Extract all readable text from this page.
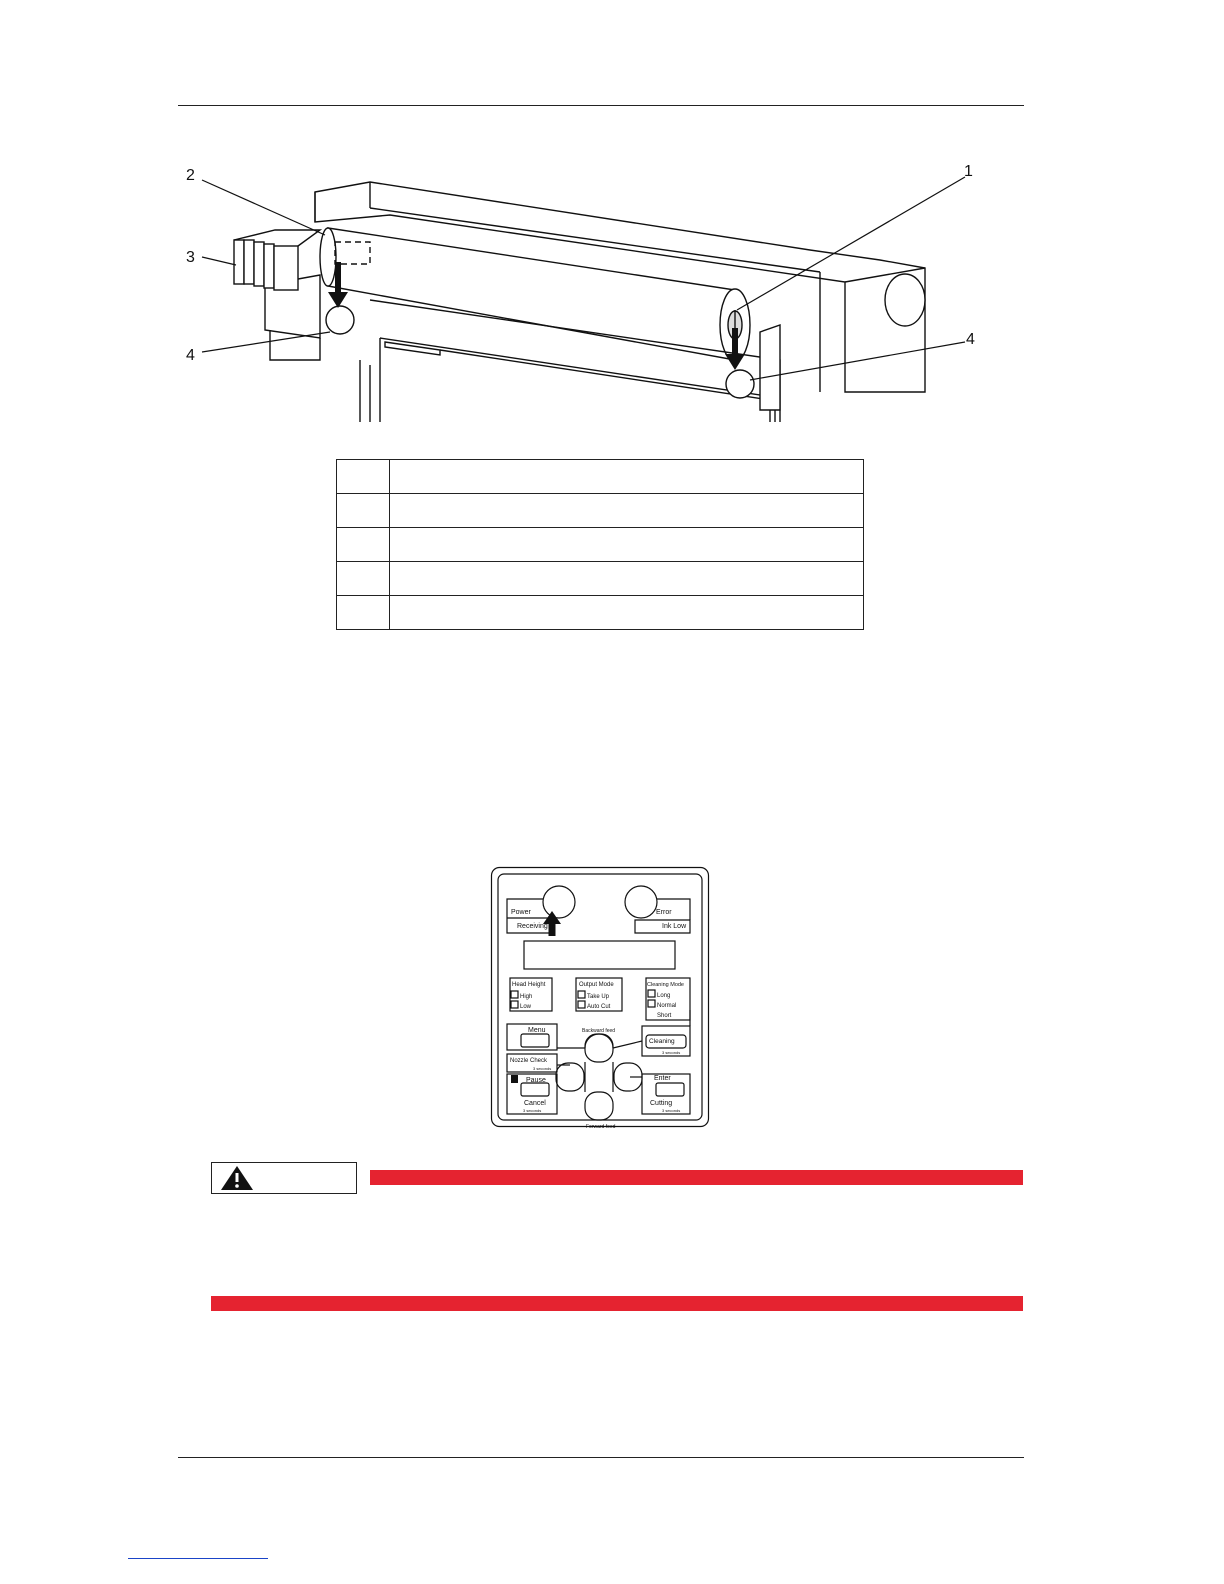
1
2
3
4
4

Power
Receiving
Error
Ink Low
Head Height
High
Low
Output Mode
Take Up
Auto Cut
Cleaning Mode
Long
Normal
Short
Menu	Backward feed
Forward feed
Cleaning
Nozzle Check
Pause
Cancel
3 seconds
Enter
Cutting
3 seconds
3 seconds
3 seconds
